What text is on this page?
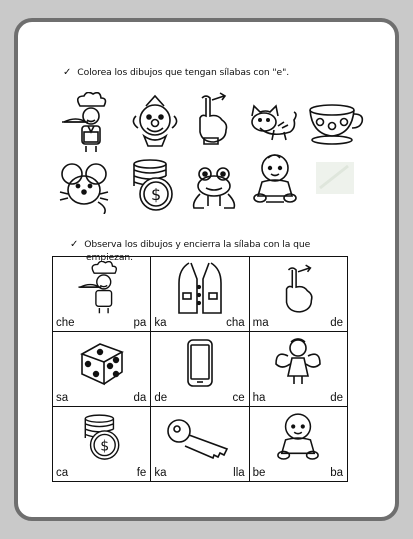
✓ Colorea los dibujos que tengan sílabas con "e".
$
✓ Observa los dibujos y encierra la sílaba con la que
empiezan.
che pa	ka cha	ma de

sa da	de ce	ha de

$
ca fe	ka lla	be ba
